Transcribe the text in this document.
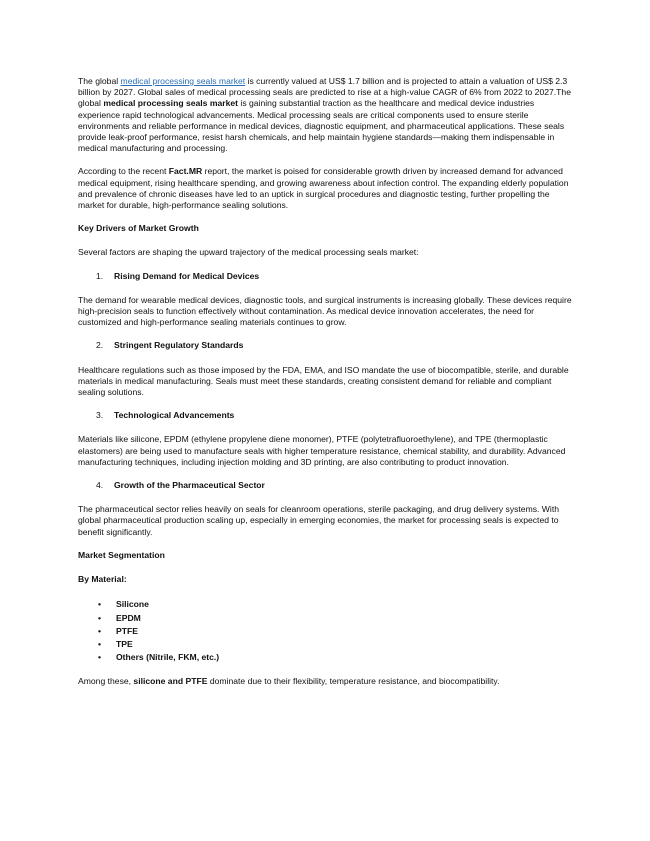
The global medical processing seals market is currently valued at US$ 1.7 billion and is projected to attain a valuation of US$ 2.3 billion by 2027. Global sales of medical processing seals are predicted to rise at a high-value CAGR of 6% from 2022 to 2027.The global medical processing seals market is gaining substantial traction as the healthcare and medical device industries experience rapid technological advancements. Medical processing seals are critical components used to ensure sterile environments and reliable performance in medical devices, diagnostic equipment, and pharmaceutical applications. These seals provide leak-proof performance, resist harsh chemicals, and help maintain hygiene standards—making them indispensable in medical manufacturing and processing.

According to the recent Fact.MR report, the market is poised for considerable growth driven by increased demand for advanced medical equipment, rising healthcare spending, and growing awareness about infection control. The expanding elderly population and prevalence of chronic diseases have led to an uptick in surgical procedures and diagnostic testing, further propelling the market for durable, high-performance sealing solutions.

Key Drivers of Market Growth

Several factors are shaping the upward trajectory of the medical processing seals market:

1.	Rising Demand for Medical Devices

The demand for wearable medical devices, diagnostic tools, and surgical instruments is increasing globally. These devices require high-precision seals to function effectively without contamination. As medical device innovation accelerates, the need for customized and high-performance sealing materials continues to grow.

2.	Stringent Regulatory Standards

Healthcare regulations such as those imposed by the FDA, EMA, and ISO mandate the use of biocompatible, sterile, and durable materials in medical manufacturing. Seals must meet these standards, creating consistent demand for reliable and compliant sealing solutions.

3.	Technological Advancements

Materials like silicone, EPDM (ethylene propylene diene monomer), PTFE (polytetrafluoroethylene), and TPE (thermoplastic elastomers) are being used to manufacture seals with higher temperature resistance, chemical stability, and durability. Advanced manufacturing techniques, including injection molding and 3D printing, are also contributing to product innovation.

4.	Growth of the Pharmaceutical Sector

The pharmaceutical sector relies heavily on seals for cleanroom operations, sterile packaging, and drug delivery systems. With global pharmaceutical production scaling up, especially in emerging economies, the market for processing seals is expected to benefit significantly.

Market Segmentation

By Material:

•	Silicone
•	EPDM
•	PTFE
•	TPE
•	Others (Nitrile, FKM, etc.)

Among these, silicone and PTFE dominate due to their flexibility, temperature resistance, and biocompatibility.
